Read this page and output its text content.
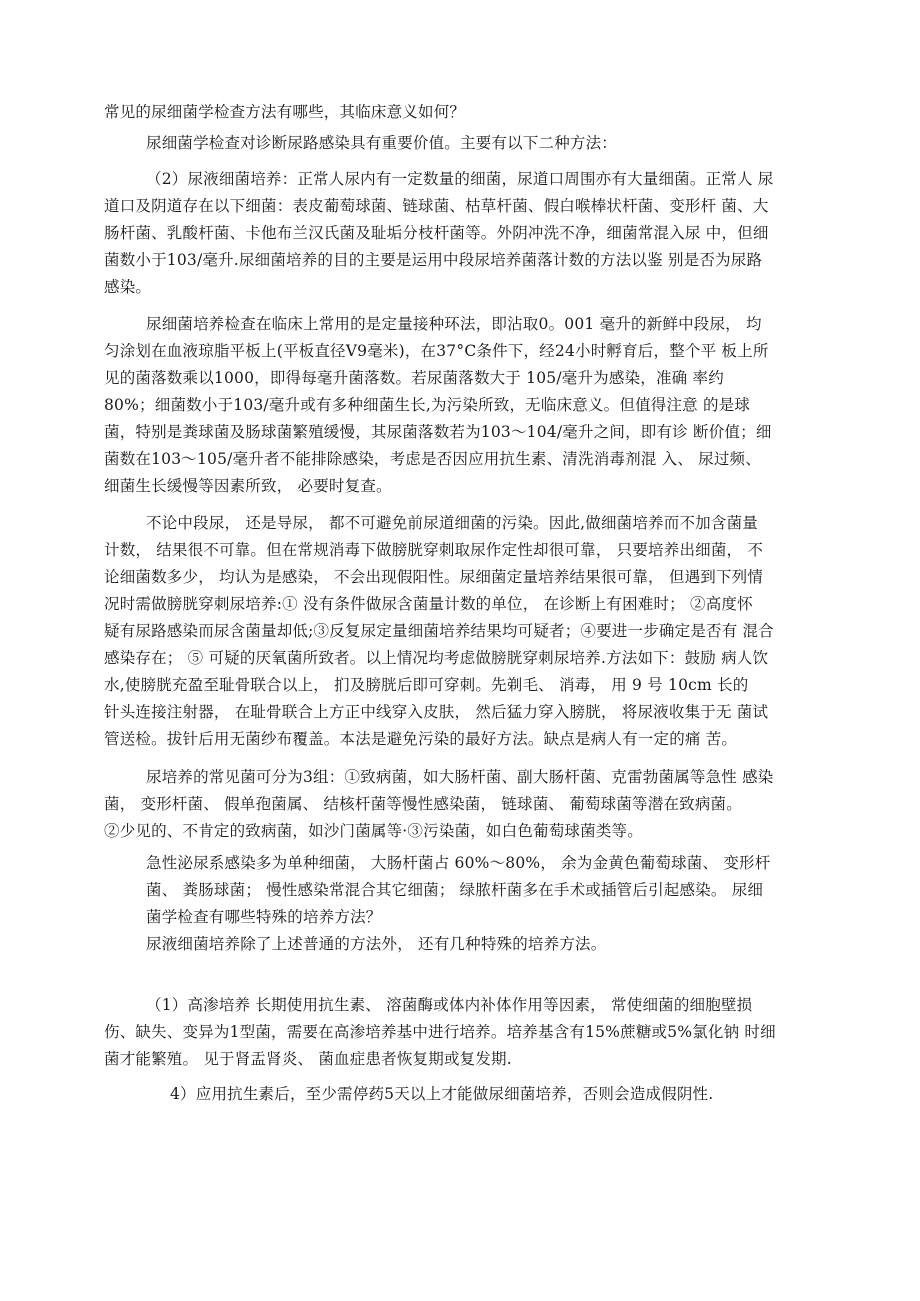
常见的尿细菌学检查方法有哪些，其临床意义如何？
尿细菌学检查对诊断尿路感染具有重要价值。主要有以下二种方法：
（2）尿液细菌培养：正常人尿内有一定数量的细菌，尿道口周围亦有大量细菌。正常人 尿
道口及阴道存在以下细菌：表皮葡萄球菌、链球菌、枯草杆菌、假白喉棒状杆菌、变形杆 菌、大
肠杆菌、乳酸杆菌、卡他布兰汉氏菌及耻垢分枝杆菌等。外阴冲洗不净，细菌常混入尿 中，但细
菌数小于103/毫升.尿细菌培养的目的主要是运用中段尿培养菌落计数的方法以鉴 别是否为尿路
感染。
尿细菌培养检查在临床上常用的是定量接种环法，即沾取0。001 毫升的新鲜中段尿， 均
匀涂划在血液琼脂平板上(平板直径V9毫米)，在37°C条件下，经24小时孵育后，整个平 板上所
见的菌落数乘以1000，即得每毫升菌落数。若尿菌落数大于 105/毫升为感染，准确 率约
80%；细菌数小于103/毫升或有多种细菌生长,为污染所致，无临床意义。但值得注意 的是球
菌，特别是粪球菌及肠球菌繁殖缓慢，其尿菌落数若为103〜104/毫升之间，即有诊 断价值；细
菌数在103〜105/毫升者不能排除感染，考虑是否因应用抗生素、清洗消毒剂混 入、 尿过频、
细菌生长缓慢等因素所致， 必要时复查。
不论中段尿， 还是导尿， 都不可避免前尿道细菌的污染。因此,做细菌培养而不加含菌量
计数， 结果很不可靠。但在常规消毒下做膀胱穿刺取尿作定性却很可靠， 只要培养出细菌， 不
论细菌数多少， 均认为是感染， 不会出现假阳性。尿细菌定量培养结果很可靠， 但遇到下列情
况时需做膀胱穿刺尿培养:① 没有条件做尿含菌量计数的单位， 在诊断上有困难时； ②高度怀
疑有尿路感染而尿含菌量却低;③反复尿定量细菌培养结果均可疑者；④要进一步确定是否有 混合
感染存在； ⑤ 可疑的厌氧菌所致者。以上情况均考虑做膀胱穿刺尿培养.方法如下：鼓励 病人饮
水,使膀胱充盈至耻骨联合以上， 扪及膀胱后即可穿刺。先剃毛、 消毒， 用 9 号 10cm 长的
针头连接注射器， 在耻骨联合上方正中线穿入皮肤， 然后猛力穿入膀胱， 将尿液收集于无 菌试
管送检。拔针后用无菌纱布覆盖。本法是避免污染的最好方法。缺点是病人有一定的痛 苦。
尿培养的常见菌可分为3组：①致病菌，如大肠杆菌、副大肠杆菌、克雷勃菌属等急性 感染
菌， 变形杆菌、 假单孢菌属、 结核杆菌等慢性感染菌， 链球菌、 葡萄球菌等潜在致病菌。
②少见的、不肯定的致病菌，如沙门菌属等·③污染菌，如白色葡萄球菌类等。
急性泌尿系感染多为单种细菌， 大肠杆菌占 60%〜80%， 余为金黄色葡萄球菌、 变形杆
菌、 粪肠球菌； 慢性感染常混合其它细菌； 绿脓杆菌多在手术或插管后引起感染。 尿细
菌学检查有哪些特殊的培养方法？
尿液细菌培养除了上述普通的方法外， 还有几种特殊的培养方法。
（1）高渗培养 长期使用抗生素、 溶菌酶或体内补体作用等因素， 常使细菌的细胞壁损
伤、缺失、变异为1型菌，需要在高渗培养基中进行培养。培养基含有15%蔗糖或5%氯化钠 时细
菌才能繁殖。 见于肾盂肾炎、 菌血症患者恢复期或复发期.
4）应用抗生素后，至少需停药5天以上才能做尿细菌培养，否则会造成假阴性.
